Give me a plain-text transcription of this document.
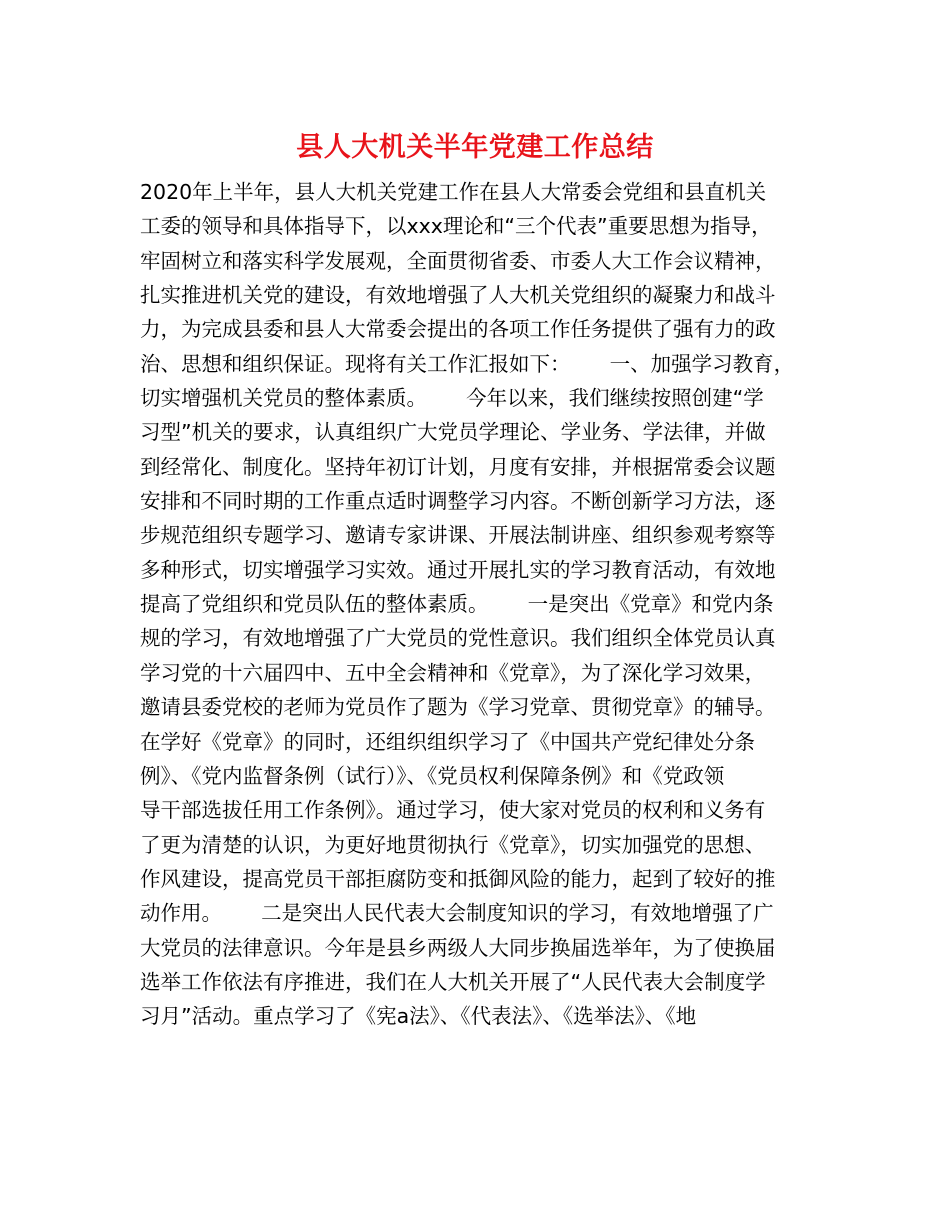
县人大机关半年党建工作总结
2020年上半年，县人大机关党建工作在县人大常委会党组和县直机关
工委的领导和具体指导下，以xxx理论和“三个代表”重要思想为指导，
牢固树立和落实科学发展观，全面贯彻省委、市委人大工作会议精神，
扎实推进机关党的建设，有效地增强了人大机关党组织的凝聚力和战斗
力，为完成县委和县人大常委会提出的各项工作任务提供了强有力的政
治、思想和组织保证。现将有关工作汇报如下：      一、加强学习教育，
切实增强机关党员的整体素质。      今年以来，我们继续按照创建“学
习型”机关的要求，认真组织广大党员学理论、学业务、学法律，并做
到经常化、制度化。坚持年初订计划，月度有安排，并根据常委会议题
安排和不同时期的工作重点适时调整学习内容。不断创新学习方法，逐
步规范组织专题学习、邀请专家讲课、开展法制讲座、组织参观考察等
多种形式，切实增强学习实效。通过开展扎实的学习教育活动，有效地
提高了党组织和党员队伍的整体素质。      一是突出《党章》和党内条
规的学习，有效地增强了广大党员的党性意识。我们组织全体党员认真
学习党的十六届四中、五中全会精神和《党章》，为了深化学习效果，
邀请县委党校的老师为党员作了题为《学习党章、贯彻党章》的辅导。
在学好《党章》的同时，还组织组织学习了《中国共产党纪律处分条
例》、《党内监督条例（试行）》、《党员权利保障条例》和《党政领
导干部选拔任用工作条例》。通过学习，使大家对党员的权利和义务有
了更为清楚的认识，为更好地贯彻执行《党章》，切实加强党的思想、
作风建设，提高党员干部拒腐防变和抵御风险的能力，起到了较好的推
动作用。      二是突出人民代表大会制度知识的学习，有效地增强了广
大党员的法律意识。今年是县乡两级人大同步换届选举年，为了使换届
选举工作依法有序推进，我们在人大机关开展了“人民代表大会制度学
习月”活动。重点学习了《宪a法》、《代表法》、《选举法》、《地
